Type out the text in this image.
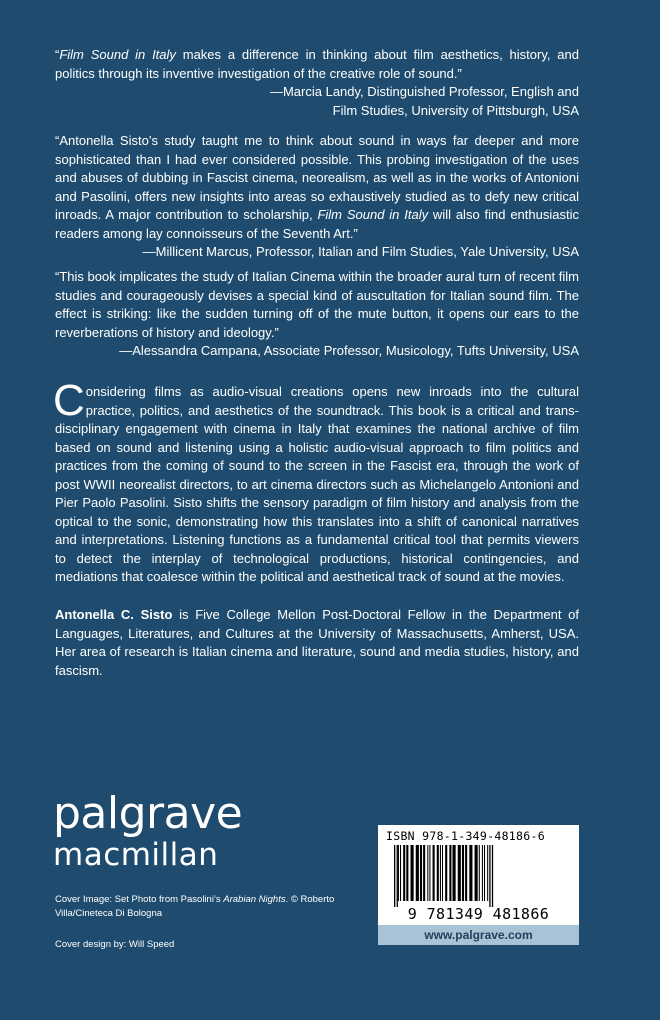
“Film Sound in Italy makes a difference in thinking about film aesthetics, history, and politics through its inventive investigation of the creative role of sound.”

—Marcia Landy, Distinguished Professor, English and
Film Studies, University of Pittsburgh, USA

“Antonella Sisto’s study taught me to think about sound in ways far deeper and more sophisticated than I had ever considered possible. This probing investigation of the uses and abuses of dubbing in Fascist cinema, neorealism, as well as in the works of Antonioni and Pasolini, offers new insights into areas so exhaustively studied as to defy new critical inroads. A major contribution to scholarship, Film Sound in Italy will also find enthusiastic readers among lay connoisseurs of the Seventh Art.”

—Millicent Marcus, Professor, Italian and Film Studies, Yale University, USA

“This book implicates the study of Italian Cinema within the broader aural turn of recent film studies and courageously devises a special kind of auscultation for Italian sound film. The effect is striking: like the sudden turning off of the mute button, it opens our ears to the reverberations of history and ideology.”

—Alessandra Campana, Associate Professor, Musicology, Tufts University, USA

Considering films as audio-visual creations opens new inroads into the cultural practice, politics, and aesthetics of the soundtrack. This book is a critical and trans-disciplinary engagement with cinema in Italy that examines the national archive of film based on sound and listening using a holistic audio-visual approach to film politics and practices from the coming of sound to the screen in the Fascist era, through the work of post WWII neorealist directors, to art cinema directors such as Michelangelo Antonioni and Pier Paolo Pasolini. Sisto shifts the sensory paradigm of film history and analysis from the optical to the sonic, demonstrating how this translates into a shift of canonical narratives and interpretations. Listening functions as a fundamental critical tool that permits viewers to detect the interplay of technological productions, historical contingencies, and mediations that coalesce within the political and aesthetical track of sound at the movies.
Antonella C. Sisto is Five College Mellon Post-Doctoral Fellow in the Department of Languages, Literatures, and Cultures at the University of Massachusetts, Amherst, USA. Her area of research is Italian cinema and literature, sound and media studies, history, and fascism.
palgrave
macmillan
Cover Image: Set Photo from Pasolini’s Arabian Nights. © Roberto Villa/Cineteca Di Bologna
Cover design by: Will Speed
ISBN 978-1-349-48186-6
9 781349 481866
www.palgrave.com
